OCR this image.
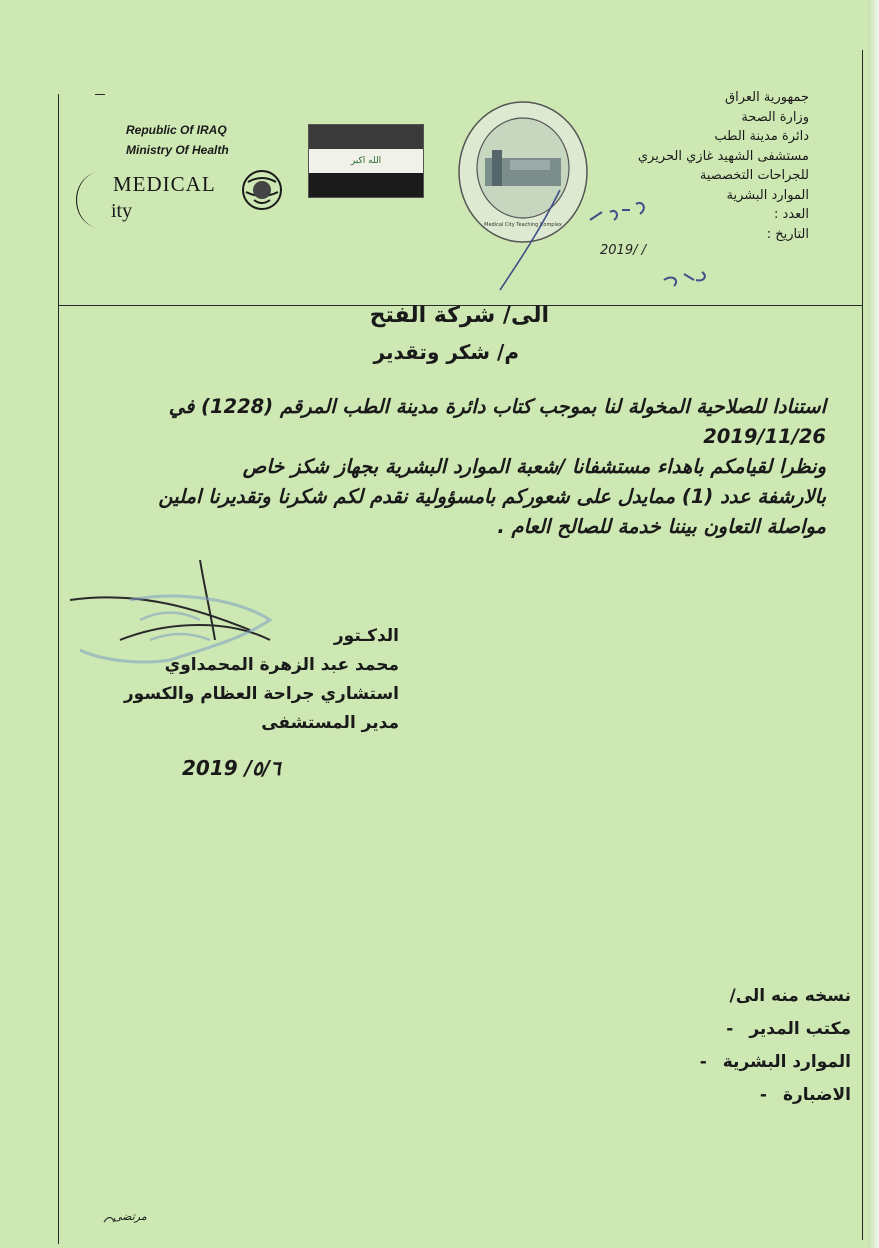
جمهورية العراق
وزارة الصحة
دائرة مدينة الطب
مستشفى الشهيد غازي الحريري
للجراحات التخصصية
الموارد البشرية
العدد :
التاريخ :
2019/ /
Republic Of IRAQ
Ministry Of Health
Medical City Teaching Complex
MEDICAL
ity
الله اكبر
الى/ شركة الفتح
م/ شكر وتقدير
استنادا للصلاحية المخولة لنا بموجب كتاب دائرة مدينة الطب المرقم (1228) في
2019/11/26
ونظرا لقيامكم باهداء مستشفانا /شعبة الموارد البشرية بجهاز شكز خاص
بالارشفة عدد (1) ممايدل على شعوركم بامسؤولية نقدم لكم شكرنا وتقديرنا املين
مواصلة التعاون بيننا خدمة للصالح العام .
الدكـتور
محمد عبد الزهرة المحمداوي
استشاري جراحة العظام والكسور
مدير المستشفى
2019 /٥/٦
نسخه منه الى/
مكتب المدير
-
الموارد البشرية
-
الاضبارة
-
مرتضى
